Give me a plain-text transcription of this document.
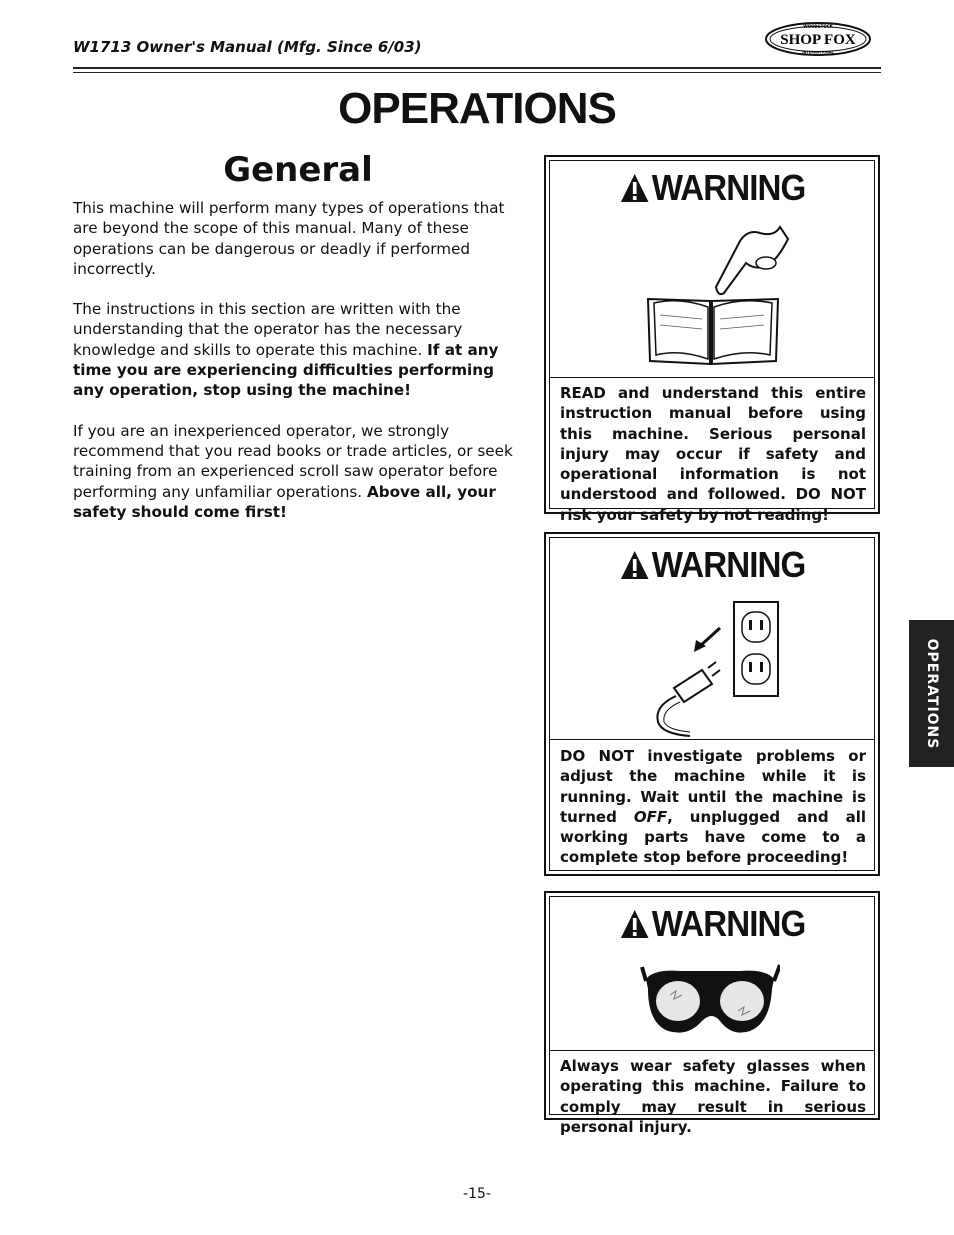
W1713 Owner's Manual (Mfg. Since 6/03)
WOODSTOCK
SHOP FOX
INTERNATIONAL
OPERATIONS
General

This machine will perform many types of operations that are beyond the scope of this manual. Many of these operations can be dangerous or deadly if performed incorrectly.

The instructions in this section are written with the understanding that the operator has the necessary knowledge and skills to operate this machine. If at any time you are experiencing difficulties performing any operation, stop using the machine!

If you are an inexperienced operator, we strongly recommend that you read books or trade articles, or seek training from an experienced scroll saw operator before performing any unfamiliar operations. Above all, your safety should come first!

WARNING
READ and understand this entire instruction manual before using this machine. Serious personal injury may occur if safety and operational information is not understood and followed. DO NOT risk your safety by not reading!
WARNING
DO NOT investigate problems or adjust the machine while it is running. Wait until the machine is turned OFF, unplugged and all working parts have come to a complete stop before proceeding!
WARNING
Always wear safety glasses when operating this machine. Failure to comply may result in serious personal injury.
OPERATIONS
-15-
